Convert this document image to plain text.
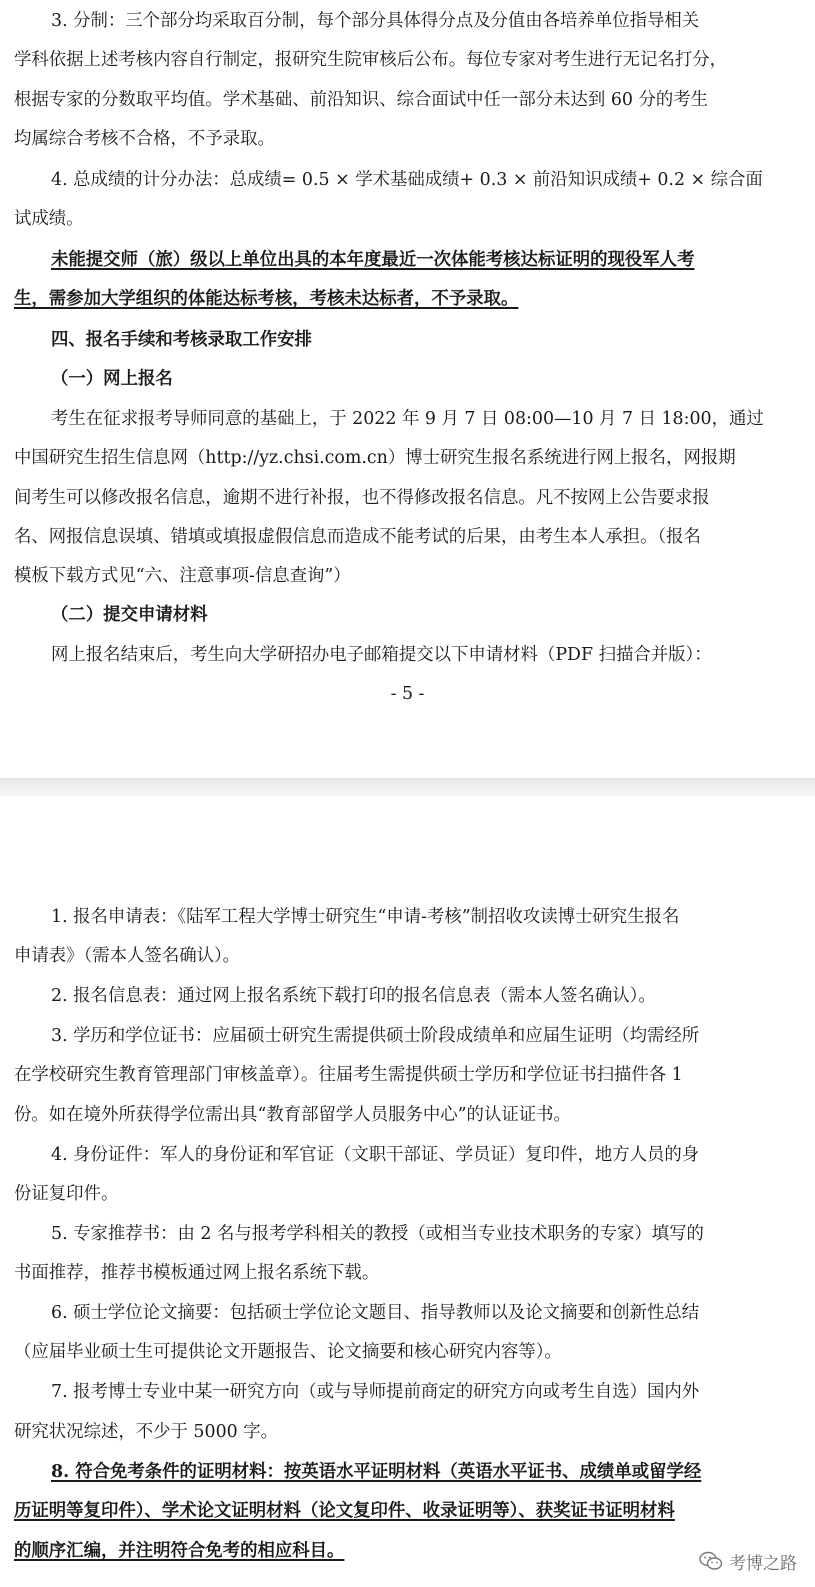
3. 分制：三个部分均采取百分制，每个部分具体得分点及分值由各培养单位指导相关
学科依据上述考核内容自行制定，报研究生院审核后公布。每位专家对考生进行无记名打分，
根据专家的分数取平均值。学术基础、前沿知识、综合面试中任一部分未达到 60 分的考生
均属综合考核不合格，不予录取。
4. 总成绩的计分办法：总成绩= 0.5 × 学术基础成绩+ 0.3 × 前沿知识成绩+ 0.2 × 综合面
试成绩。
未能提交师（旅）级以上单位出具的本年度最近一次体能考核达标证明的现役军人考
生，需参加大学组织的体能达标考核，考核未达标者，不予录取。
四、报名手续和考核录取工作安排
（一）网上报名
考生在征求报考导师同意的基础上，于 2022 年 9 月 7 日 08:00—10 月 7 日 18:00，通过
中国研究生招生信息网（http://yz.chsi.com.cn）博士研究生报名系统进行网上报名，网报期
间考生可以修改报名信息，逾期不进行补报，也不得修改报名信息。凡不按网上公告要求报
名、网报信息误填、错填或填报虚假信息而造成不能考试的后果，由考生本人承担。（报名
模板下载方式见“六、注意事项-信息查询”）
（二）提交申请材料
网上报名结束后，考生向大学研招办电子邮箱提交以下申请材料（PDF 扫描合并版）：
- 5 -
1. 报名申请表：《陆军工程大学博士研究生“申请-考核”制招收攻读博士研究生报名
申请表》（需本人签名确认）。
2. 报名信息表：通过网上报名系统下载打印的报名信息表（需本人签名确认）。
3. 学历和学位证书：应届硕士研究生需提供硕士阶段成绩单和应届生证明（均需经所
在学校研究生教育管理部门审核盖章）。往届考生需提供硕士学历和学位证书扫描件各 1
份。如在境外所获得学位需出具“教育部留学人员服务中心”的认证证书。
4. 身份证件：军人的身份证和军官证（文职干部证、学员证）复印件，地方人员的身
份证复印件。
5. 专家推荐书：由 2 名与报考学科相关的教授（或相当专业技术职务的专家）填写的
书面推荐，推荐书模板通过网上报名系统下载。
6. 硕士学位论文摘要：包括硕士学位论文题目、指导教师以及论文摘要和创新性总结
（应届毕业硕士生可提供论文开题报告、论文摘要和核心研究内容等）。
7. 报考博士专业中某一研究方向（或与导师提前商定的研究方向或考生自选）国内外
研究状况综述，不少于 5000 字。
8. 符合免考条件的证明材料：按英语水平证明材料（英语水平证书、成绩单或留学经
历证明等复印件）、学术论文证明材料（论文复印件、收录证明等）、获奖证书证明材料
的顺序汇编，并注明符合免考的相应科目。
考博之路
